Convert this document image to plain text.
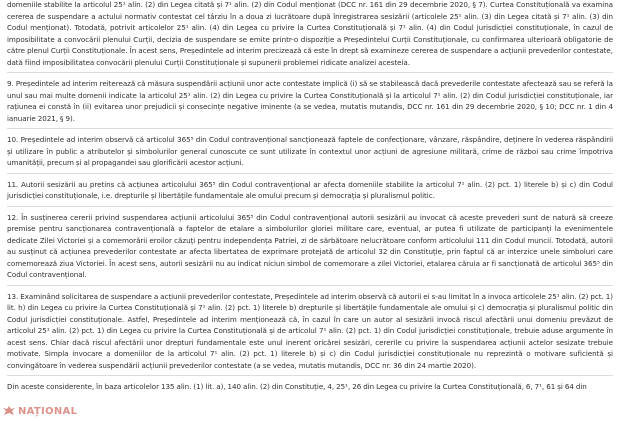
domeniile stabilite la articolul 25¹ alin. (2) din Legea citată și 7¹ alin. (2) din Codul menționat (DCC nr. 161 din 29 decembrie 2020, § 7). Curtea Constituțională va examina cererea de suspendare a actului normativ contestat cel târziu în a doua zi lucrătoare după înregistrarea sesizării (articolele 25¹ alin. (3) din Legea citată și 7¹ alin. (3) din Codul menționat). Totodată, potrivit articolelor 25¹ alin. (4) din Legea cu privire la Curtea Constituțională și 7¹ alin. (4) din Codul jurisdicției constituționale, în cazul de imposibilitate a convocării plenului Curții, decizia de suspendare se emite printr-o dispoziție a Președintelui Curții Constituționale, cu confirmarea ulterioară obligatorie de către plenul Curții Constituționale. În acest sens, Președintele ad interim precizează că este în drept să examineze cererea de suspendare a acțiunii prevederilor contestate, dată fiind imposibilitatea convocării plenului Curții Constituționale și supunerii problemei ridicate analizei acesteia.
9. Președintele ad interim reiterează că măsura suspendării acțiunii unor acte contestate implică (i) să se stabilească dacă prevederile contestate afectează sau se referă la unul sau mai multe domenii indicate la articolul 25¹ alin. (2) din Legea cu privire la Curtea Constituțională și la articolul 7¹ alin. (2) din Codul jurisdicției constituționale, iar rațiunea ei constă în (ii) evitarea unor prejudicii și consecințe negative iminente (a se vedea, mutatis mutandis, DCC nr. 161 din 29 decembrie 2020, § 10; DCC nr. 1 din 4 ianuarie 2021, § 9).
10. Președintele ad interim observă că articolul 365⁵ din Codul contravențional sancționează faptele de confecționare, vânzare, răspândire, deținere în vederea răspândirii și utilizare în public a atributelor și simbolurilor general cunoscute ce sunt utilizate în contextul unor acțiuni de agresiune militară, crime de război sau crime împotriva umanității, precum și al propagandei sau glorificării acestor acțiuni.
11. Autorii sesizării au pretins că acțiunea articolului 365⁵ din Codul contravențional ar afecta domeniile stabilite la articolul 7¹ alin. (2) pct. 1) literele b) și c) din Codul jurisdicției constituționale, i.e. drepturile și libertățile fundamentale ale omului precum și democrația și pluralismul politic.
12. În susținerea cererii privind suspendarea acțiunii articolului 365⁵ din Codul contravențional autorii sesizării au invocat că aceste prevederi sunt de natură să creeze premise pentru sancționarea contravențională a faptelor de etalare a simbolurilor gloriei militare care, eventual, ar putea fi utilizate de participanți la evenimentele dedicate Zilei Victoriei și a comemorării eroilor căzuți pentru independența Patriei, zi de sărbătoare nelucrătoare conform articolului 111 din Codul muncii. Totodată, autorii au susținut că acțiunea prevederilor contestate ar afecta libertatea de exprimare protejată de articolul 32 din Constituție, prin faptul că ar interzice unele simboluri care comemorează ziua Victoriei. În acest sens, autorii sesizării nu au indicat niciun simbol de comemorare a zilei Victoriei, etalarea căruia ar fi sancționată de articolul 365⁵ din Codul contravențional.
13. Examinând solicitarea de suspendare a acțiunii prevederilor contestate, Președintele ad interim observă că autorii ei s-au limitat în a invoca articolele 25¹ alin. (2) pct. 1) lit. h) din Legea cu privire la Curtea Constituțională și 7¹ alin. (2) pct. 1) literele b) drepturile și libertățile fundamentale ale omului și c) democrația și pluralismul politic din Codul jurisdicției constituționale. Astfel, Președintele ad interim menționează că, în cazul în care un autor al sesizării invocă riscul afectării unui domeniu prevăzut de articolul 25¹ alin. (2) pct. 1) din Legea cu privire la Curtea Constituțională și de articolul 7¹ alin. (2) pct. 1) din Codul jurisdicției constituționale, trebuie aduse argumente în acest sens. Chiar dacă riscul afectării unor drepturi fundamentale este unul inerent oricărei sesizări, cererile cu privire la suspendarea acțiunii actelor sesizate trebuie motivate. Simpla invocare a domeniilor de la articolul 7¹ alin. (2) pct. 1) literele b) și c) din Codul jurisdicției constituționale nu reprezintă o motivare suficientă și convingătoare în vederea suspendării acțiunii prevederilor contestate (a se vedea, mutatis mutandis, DCC nr. 36 din 24 martie 2020).
Din aceste considerente, în baza articolelor 135 alin. (1) lit. a), 140 alin. (2) din Constituție, 4, 25¹, 26 din Legea cu privire la Curtea Constituțională, 6, 7¹, 61 și 64 din
NAȚIONAL
